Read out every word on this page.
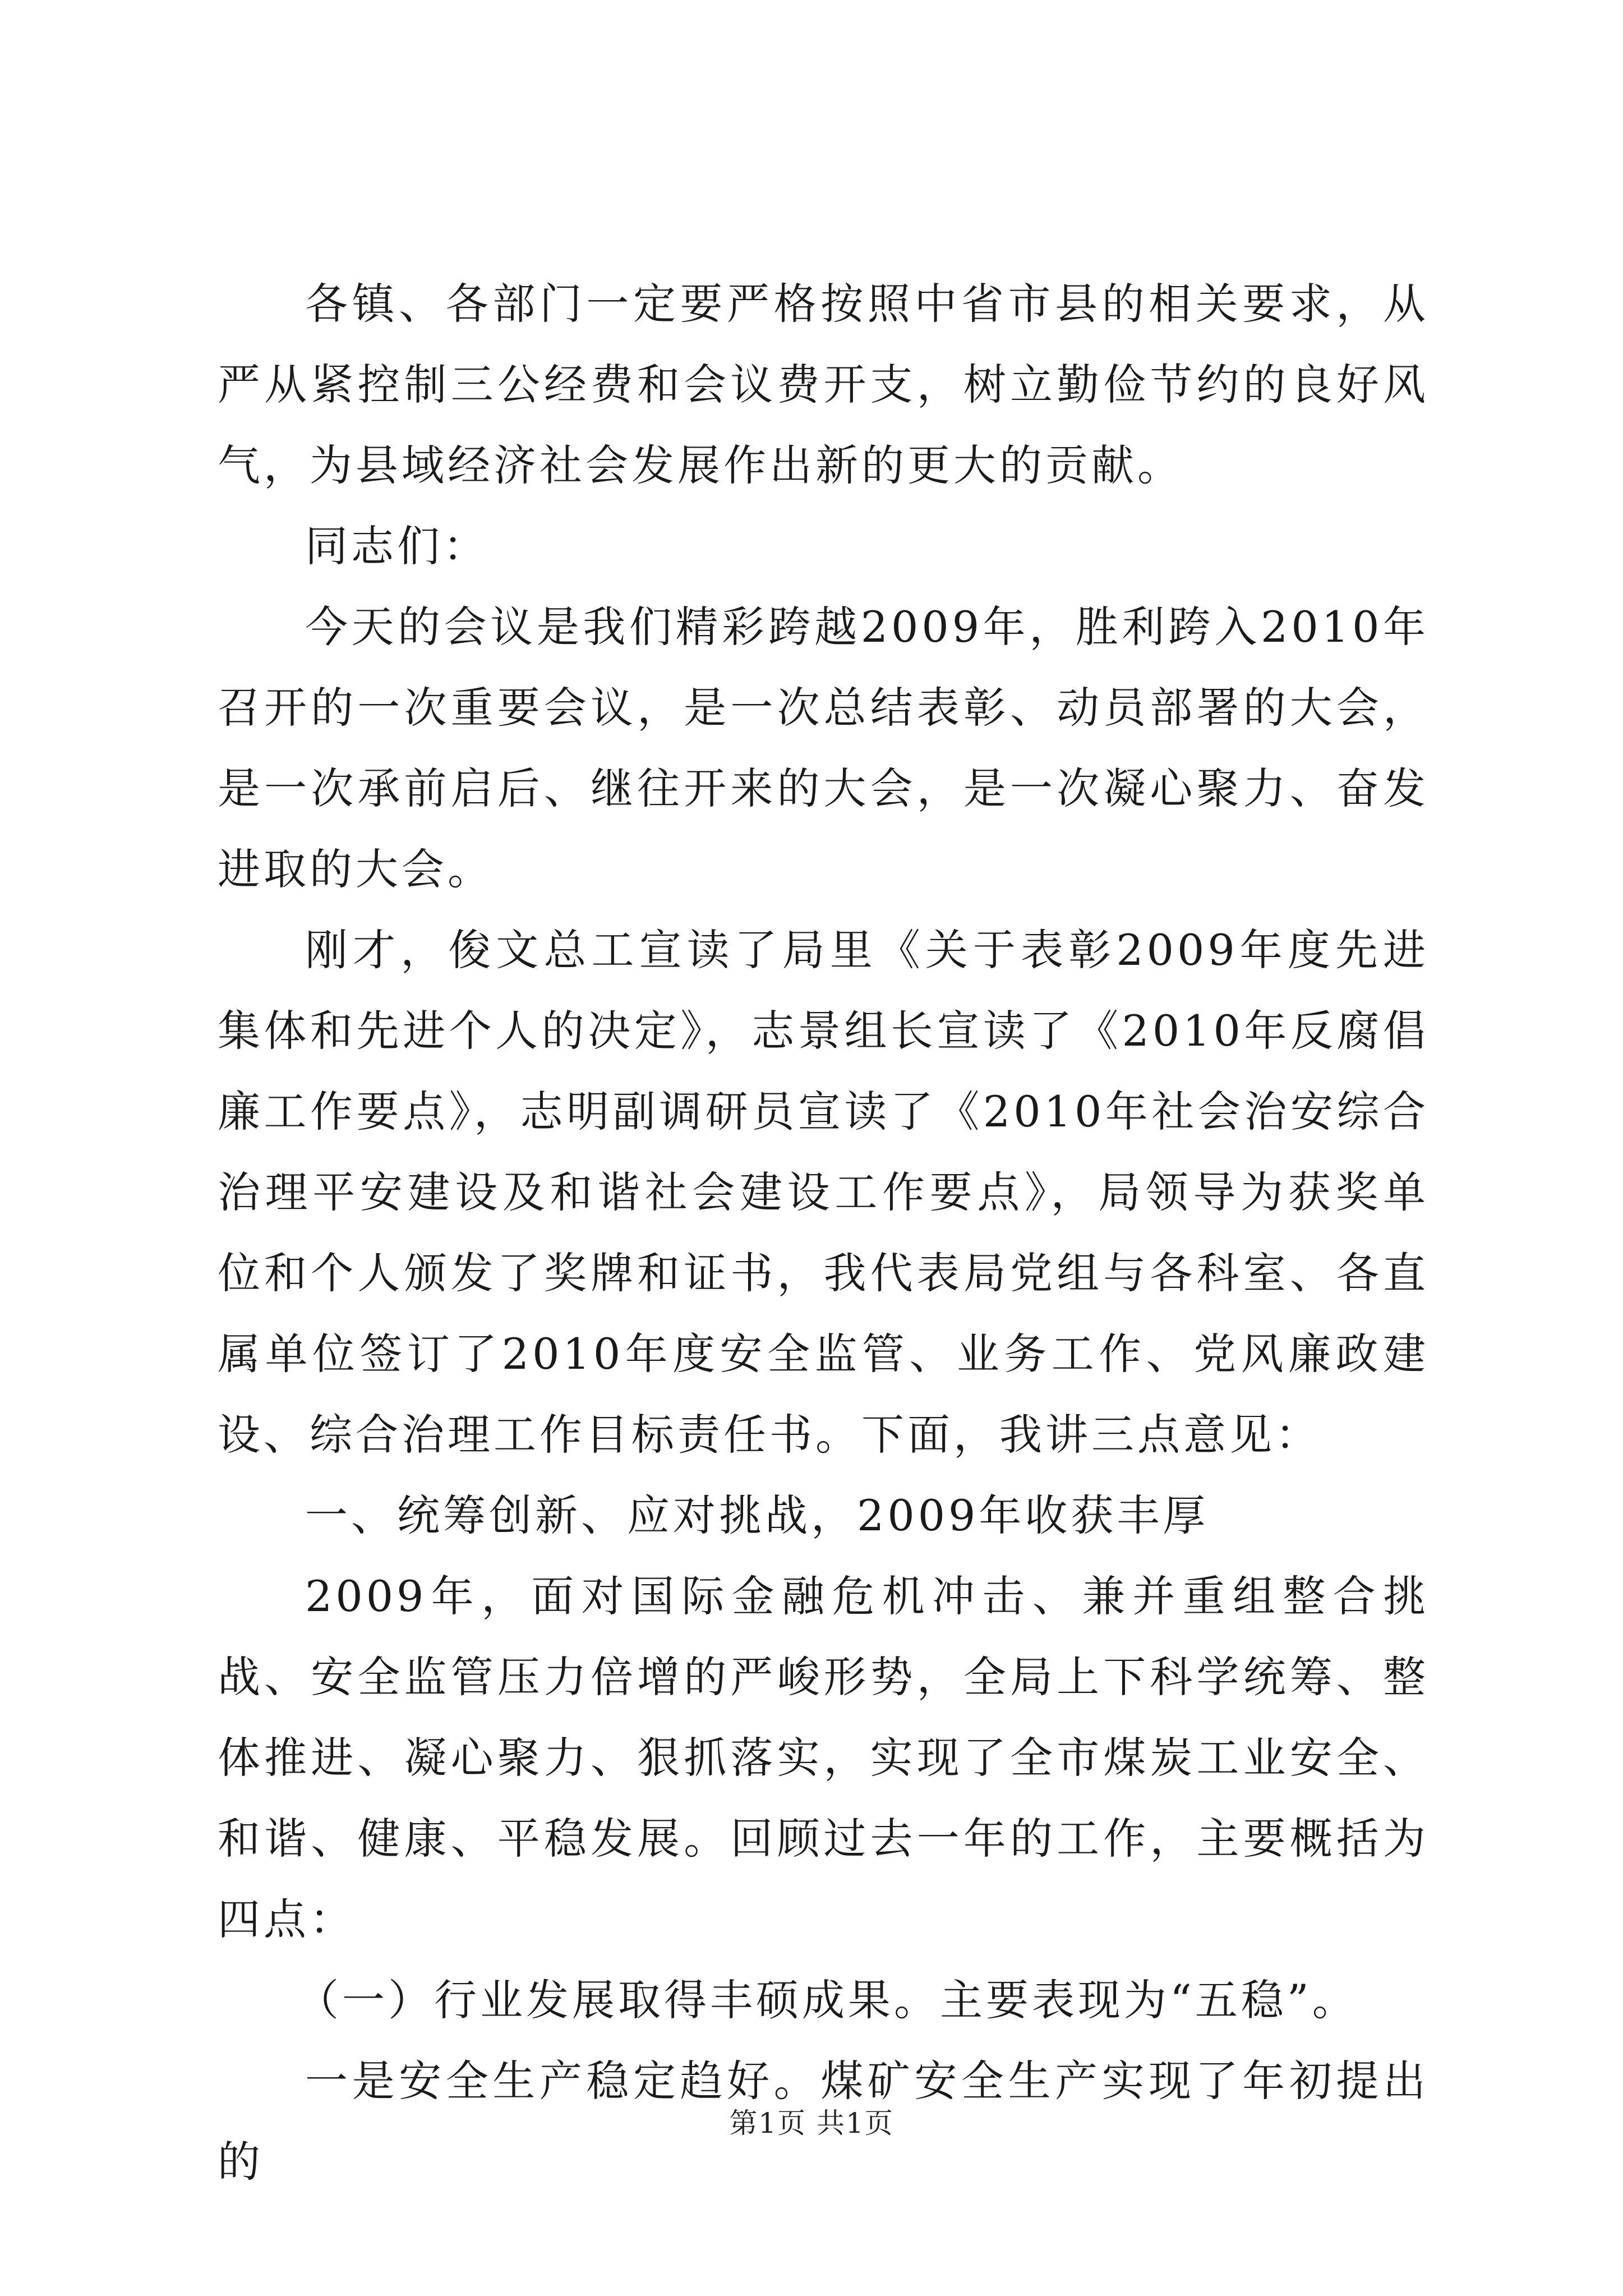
各镇、各部门一定要严格按照中省市县的相关要求，从严从紧控制三公经费和会议费开支，树立勤俭节约的良好风气，为县域经济社会发展作出新的更大的贡献。

同志们：

今天的会议是我们精彩跨越2009年，胜利跨入2010年召开的一次重要会议，是一次总结表彰、动员部署的大会，是一次承前启后、继往开来的大会，是一次凝心聚力、奋发进取的大会。

刚才，俊文总工宣读了局里《关于表彰2009年度先进集体和先进个人的决定》，志景组长宣读了《2010年反腐倡廉工作要点》，志明副调研员宣读了《2010年社会治安综合治理平安建设及和谐社会建设工作要点》，局领导为获奖单位和个人颁发了奖牌和证书，我代表局党组与各科室、各直属单位签订了2010年度安全监管、业务工作、党风廉政建设、综合治理工作目标责任书。下面，我讲三点意见：

一、统筹创新、应对挑战，2009年收获丰厚

2009年，面对国际金融危机冲击、兼并重组整合挑战、安全监管压力倍增的严峻形势，全局上下科学统筹、整体推进、凝心聚力、狠抓落实，实现了全市煤炭工业安全、和谐、健康、平稳发展。回顾过去一年的工作，主要概括为四点：

（一）行业发展取得丰硕成果。主要表现为“五稳”。

一是安全生产稳定趋好。煤矿安全生产实现了年初提出的

第1页 共1页
